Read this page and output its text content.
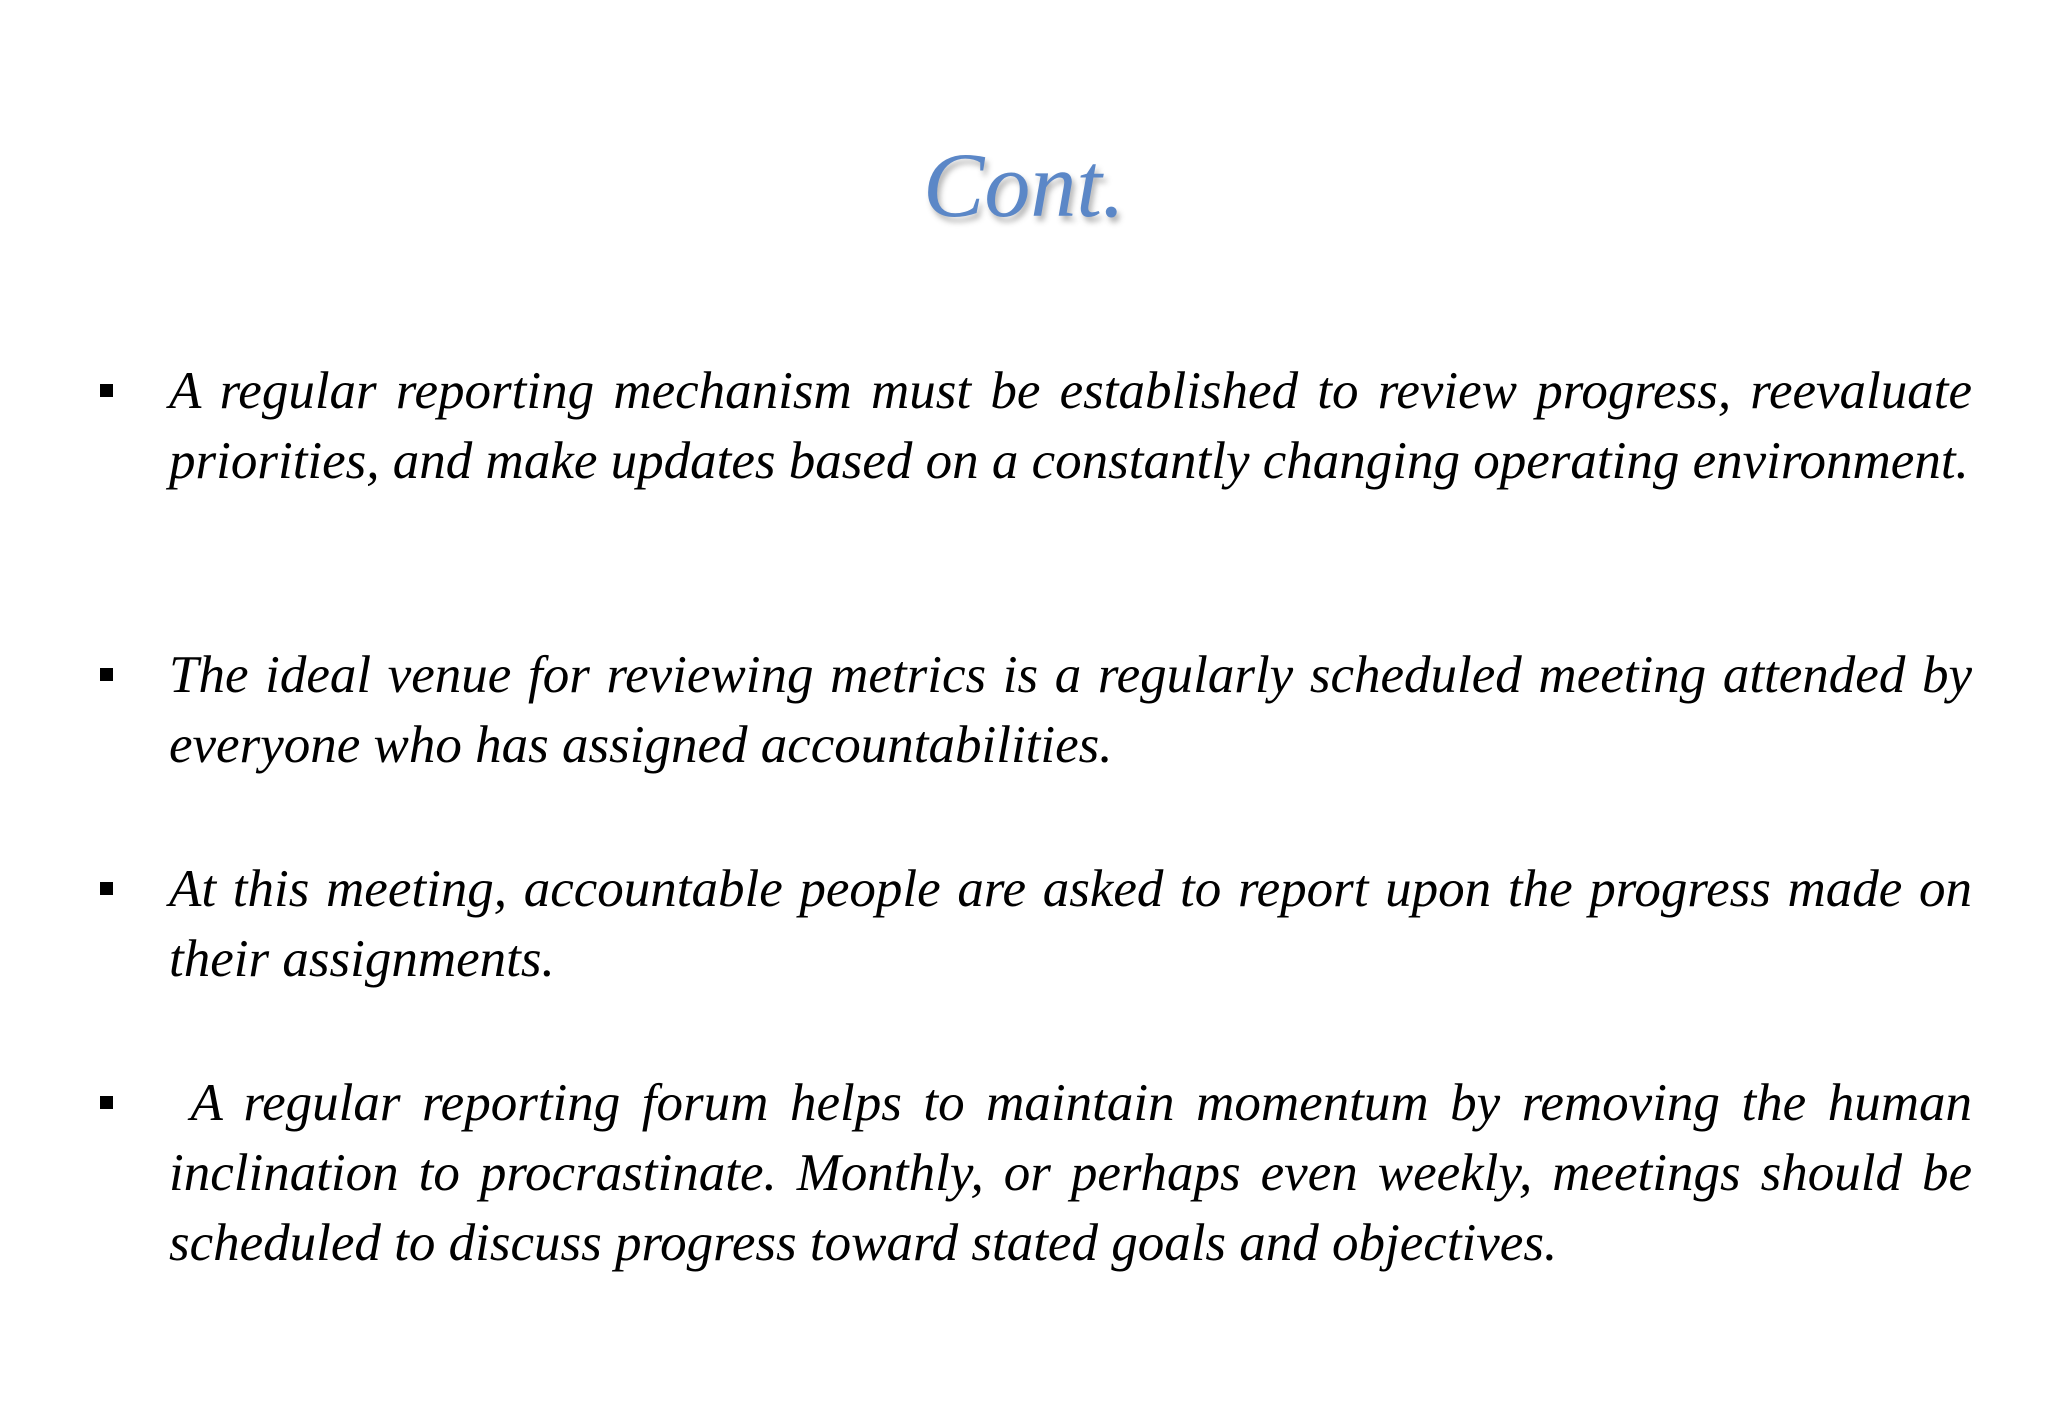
Cont.

A regular reporting mechanism must be established to review progress, reevaluate priorities, and make updates based on a constantly changing operating environment.

The ideal venue for reviewing metrics is a regularly scheduled meeting attended by everyone who has assigned accountabilities.

At this meeting, accountable people are asked to report upon the progress made on their assignments.

A regular reporting forum helps to maintain momentum by removing the human inclination to procrastinate. Monthly, or perhaps even weekly, meetings should be scheduled to discuss progress toward stated goals and objectives.
